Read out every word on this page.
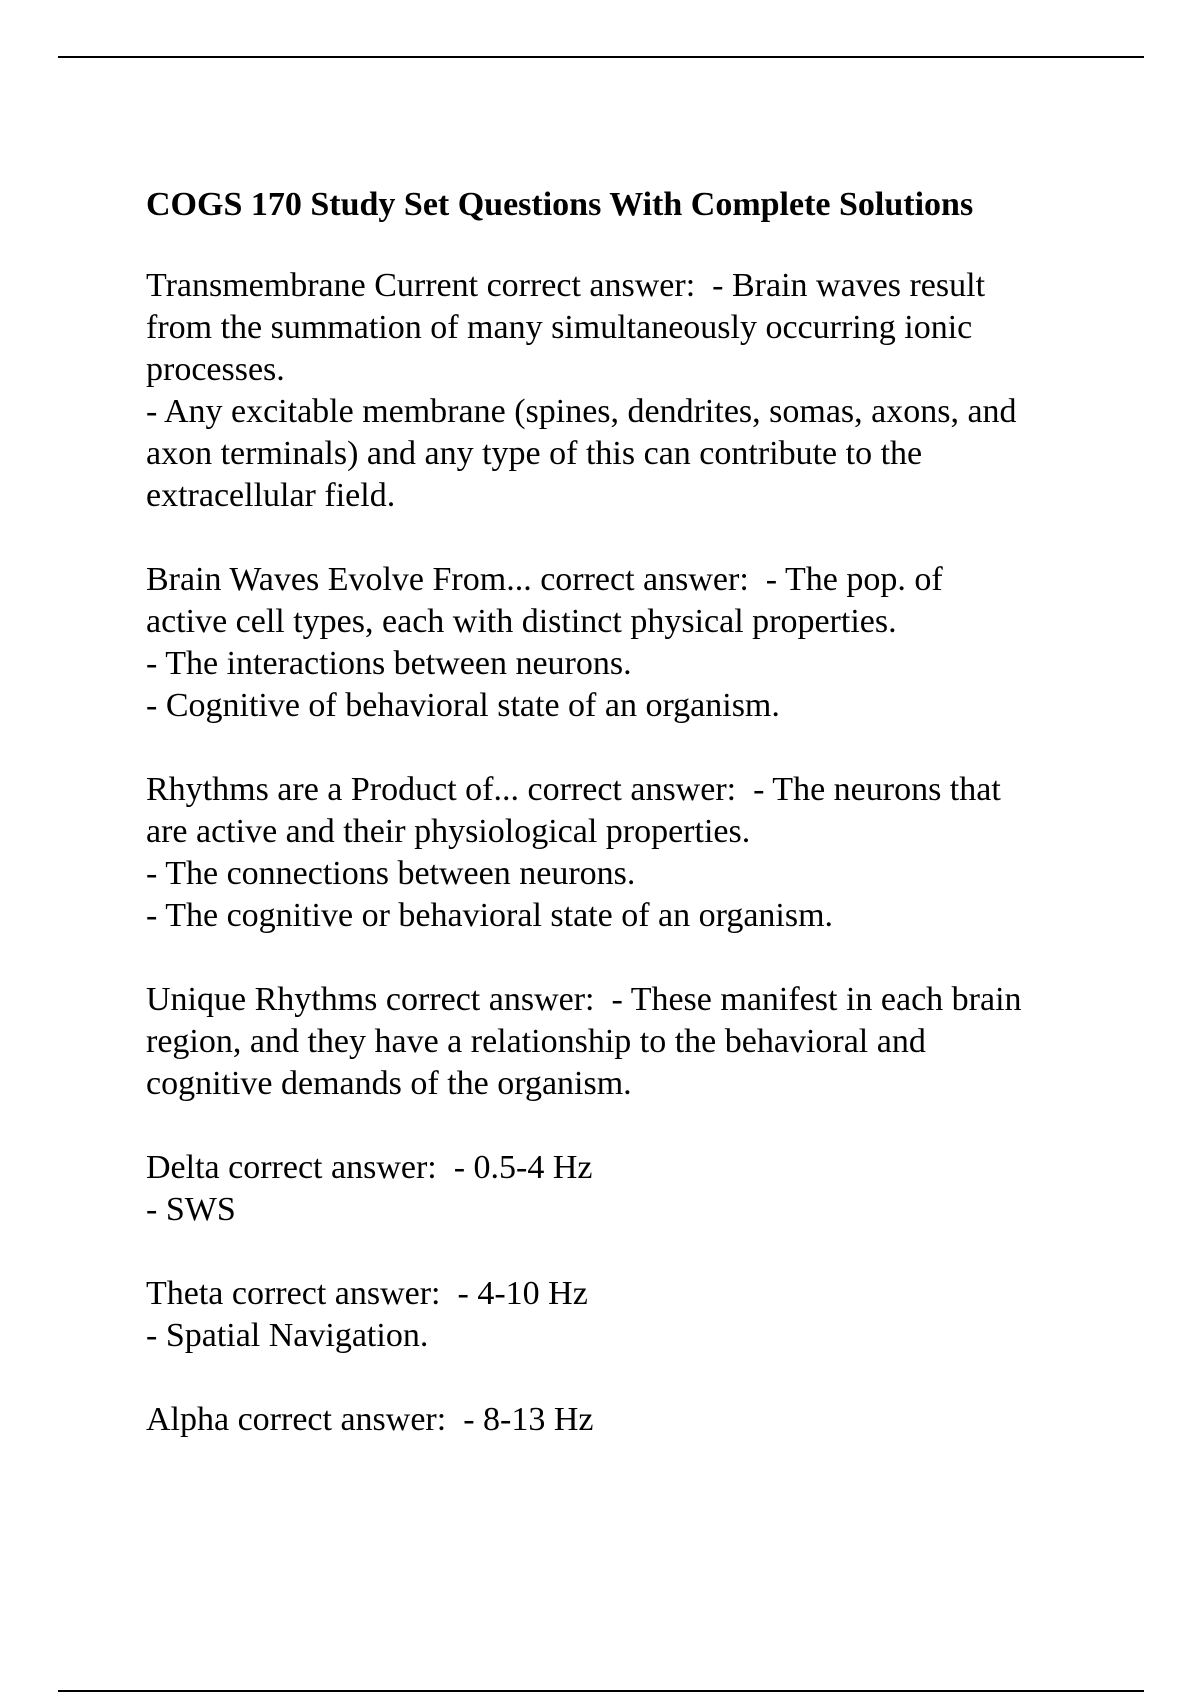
COGS 170 Study Set Questions With Complete Solutions
Transmembrane Current correct answer:  - Brain waves result
from the summation of many simultaneously occurring ionic
processes.
- Any excitable membrane (spines, dendrites, somas, axons, and
axon terminals) and any type of this can contribute to the
extracellular field.
Brain Waves Evolve From... correct answer:  - The pop. of
active cell types, each with distinct physical properties.
- The interactions between neurons.
- Cognitive of behavioral state of an organism.
Rhythms are a Product of... correct answer:  - The neurons that
are active and their physiological properties.
- The connections between neurons.
- The cognitive or behavioral state of an organism.
Unique Rhythms correct answer:  - These manifest in each brain
region, and they have a relationship to the behavioral and
cognitive demands of the organism.
Delta correct answer:  - 0.5-4 Hz
- SWS
Theta correct answer:  - 4-10 Hz
- Spatial Navigation.
Alpha correct answer:  - 8-13 Hz
